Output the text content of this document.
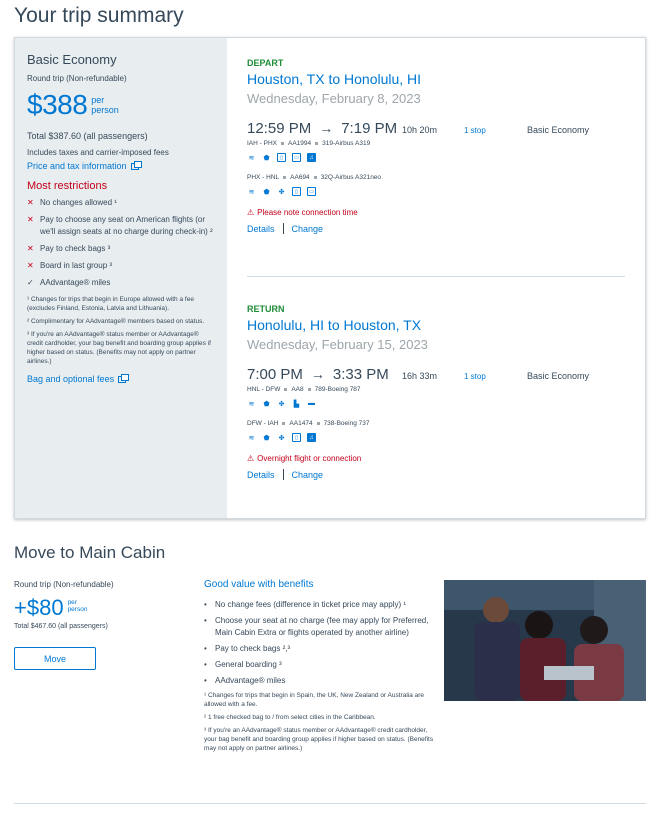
Your trip summary
Basic Economy
Round trip (Non-refundable)
$388 per
person
Total $387.60 (all passengers)
Includes taxes and carrier-imposed fees
Price and tax information
Most restrictions
✕ No changes allowed ¹
✕ Pay to choose any seat on American flights (or we'll assign seats at no charge during check-in) ²
✕ Pay to check bags ³
✕ Board in last group ³
✓ AAdvantage® miles
¹ Changes for trips that begin in Europe allowed with a fee (excludes Finland, Estonia, Latvia and Lithuania).
² Complimentary for AAdvantage® members based on status.
³ If you're an AAdvantage® status member or AAdvantage® credit cardholder, your bag benefit and boarding group applies if higher based on status. (Benefits may not apply on partner airlines.)
Bag and optional fees
DEPART
Houston, TX to Honolulu, HI
Wednesday, February 8, 2023
12:59 PM → 7:19 PM 10h 20m	1 stop	Basic Economy
IAH - PHX AA1994 319-Airbus A319
≋ ⬟	▯	▭	♫
PHX - HNL AA694 32Q-Airbus A321neo
≋ ⬟ ✤	▯	▭
⚠ Please note connection time
Details Change
RETURN
Honolulu, HI to Houston, TX
Wednesday, February 15, 2023
7:00 PM → 3:33 PM 16h 33m	1 stop	Basic Economy
HNL - DFW AA8 789-Boeing 787
≋ ⬟ ✤ ▙ ▬
DFW - IAH AA1474 738-Boeing 737
≋ ⬟ ✤	▯	♫
⚠ Overnight flight or connection
Details Change
Move to Main Cabin
Round trip (Non-refundable)
+$80 per
person
Total $467.60 (all passengers)
Move
Good value with benefits
•	No change fees (difference in ticket price may apply) ¹
•	Choose your seat at no charge (fee may apply for Preferred, Main Cabin Extra or flights operated by another airline)
•	Pay to check bags ²,³
•	General boarding ³
•	AAdvantage® miles
¹ Changes for trips that begin in Spain, the UK, New Zealand or Australia are allowed with a fee.
² 1 free checked bag to / from select cities in the Caribbean.
³ If you're an AAdvantage® status member or AAdvantage® credit cardholder, your bag benefit and boarding group applies if higher based on status. (Benefits may not apply on partner airlines.)
